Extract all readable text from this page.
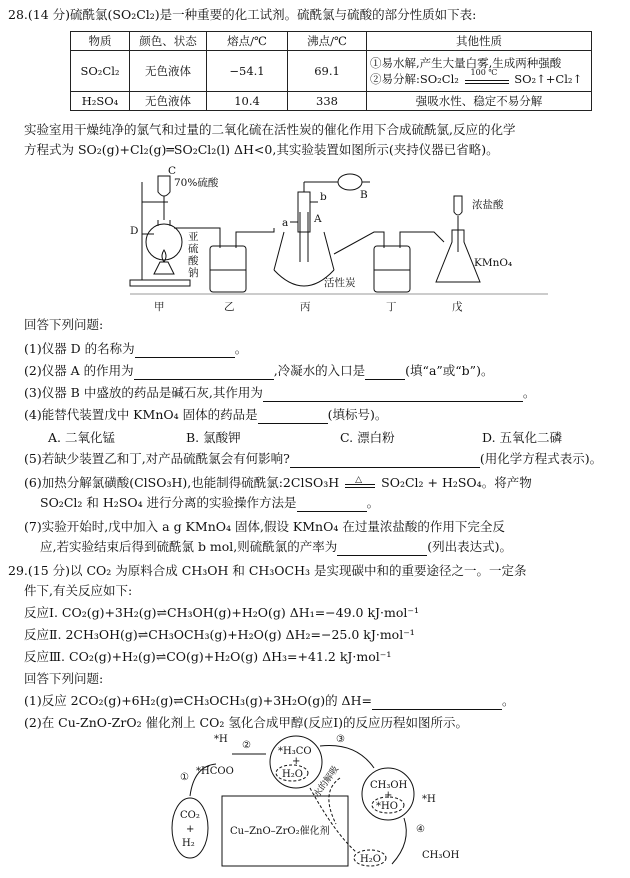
28.(14 分)硫酰氯(SO₂Cl₂)是一种重要的化工试剂。硫酰氯与硫酸的部分性质如下表:
物质	颜色、状态	熔点/℃	沸点/℃	其他性质
SO₂Cl₂	无色液体	−54.1	69.1	①易水解,产生大量白雾,生成两种强酸
②易分解:SO₂Cl₂ 100 ℃ SO₂↑+Cl₂↑

H₂SO₄	无色液体	10.4	338	强吸水性、稳定不易分解
实验室用干燥纯净的氯气和过量的二氧化硫在活性炭的催化作用下合成硫酰氯,反应的化学
方程式为 SO₂(g)+Cl₂(g)═SO₂Cl₂(l) ΔH<0,其实验装置如图所示(夹持仪器已省略)。
C
70%硫酸
D	亚
硫
酸
钠
b
a A
B
活性炭
浓盐酸
KMnO₄
甲	乙	丙	丁	戊
回答下列问题:
(1)仪器 D 的名称为	。
(2)仪器 A 的作用为	,冷凝水的入口是	(填“a”或“b”)。
(3)仪器 B 中盛放的药品是碱石灰,其作用为	。
(4)能替代装置戊中 KMnO₄ 固体的药品是	(填标号)。
A. 二氧化锰	B. 氯酸钾	C. 漂白粉	D. 五氧化二磷
(5)若缺少装置乙和丁,对产品硫酰氯会有何影响?	(用化学方程式表示)。
(6)加热分解氯磺酸(ClSO₃H),也能制得硫酰氯:2ClSO₃H △ SO₂Cl₂ + H₂SO₄。将产物
SO₂Cl₂ 和 H₂SO₄ 进行分离的实验操作方法是	。
(7)实验开始时,戊中加入 a g KMnO₄ 固体,假设 KMnO₄ 在过量浓盐酸的作用下完全反
应,若实验结束后得到硫酰氯 b mol,则硫酰氯的产率为	(列出表达式)。
29.(15 分)以 CO₂ 为原料合成 CH₃OH 和 CH₃OCH₃ 是实现碳中和的重要途径之一。一定条
件下,有关反应如下:
反应Ⅰ. CO₂(g)+3H₂(g)⇌CH₃OH(g)+H₂O(g) ΔH₁=−49.0 kJ·mol⁻¹
反应Ⅱ. 2CH₃OH(g)⇌CH₃OCH₃(g)+H₂O(g) ΔH₂=−25.0 kJ·mol⁻¹
反应Ⅲ. CO₂(g)+H₂(g)⇌CO(g)+H₂O(g) ΔH₃=+41.2 kJ·mol⁻¹
回答下列问题:
(1)反应 2CO₂(g)+6H₂(g)⇌CH₃OCH₃(g)+3H₂O(g)的 ΔH=	。
(2)在 Cu-ZnO-ZrO₂ 催化剂上 CO₂ 氢化合成甲醇(反应Ⅰ)的反应历程如图所示。
*H
①
②
③
④
*HCOO
*H₃CO
+
H₂O
CH₃OH
+
*HO
*H
水的解吸
CO₂
+
H₂
Cu–ZnO–ZrO₂催化剂
H₂O	CH₃OH
